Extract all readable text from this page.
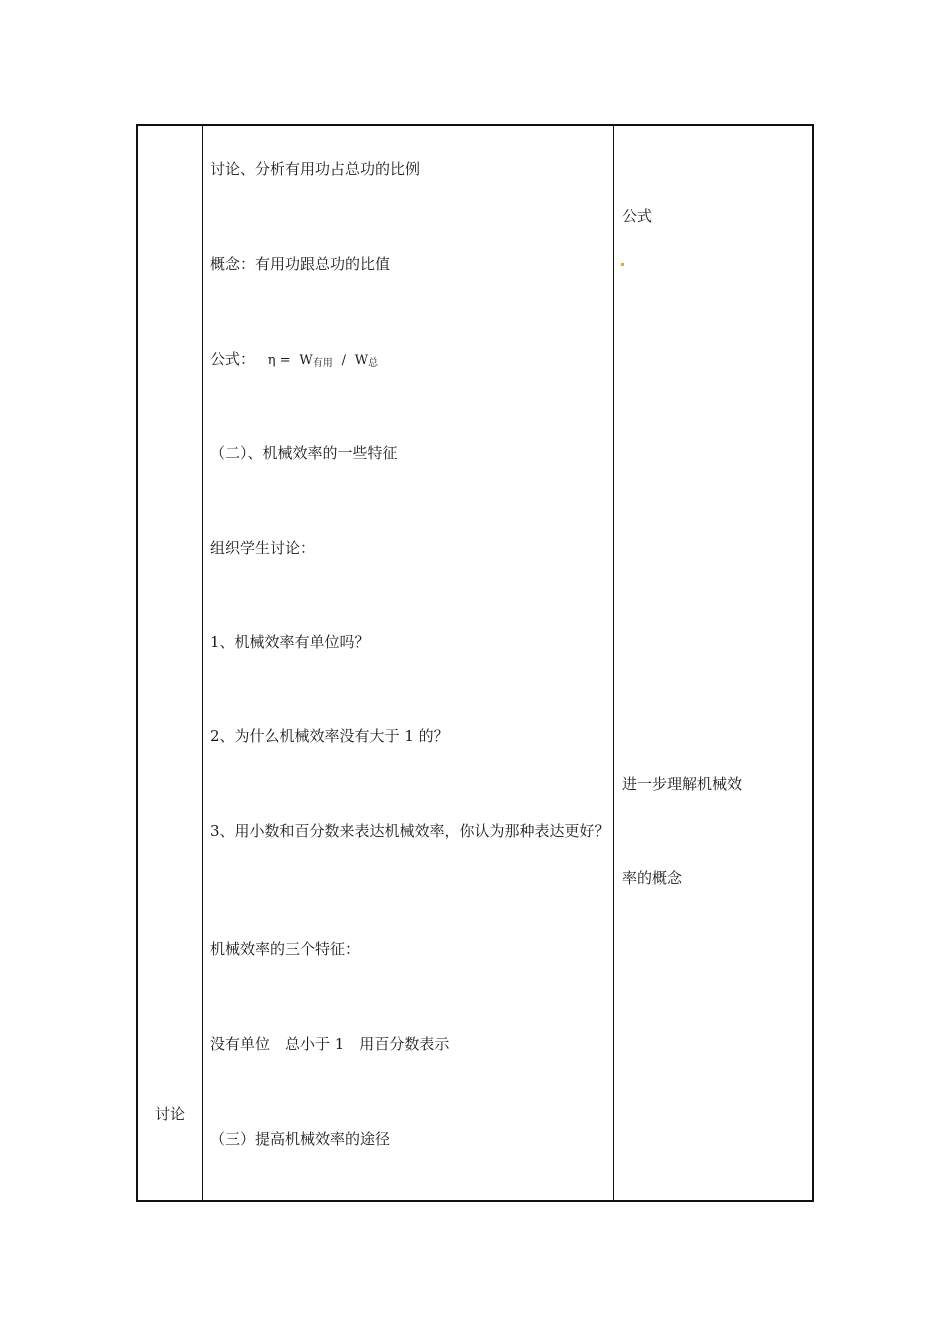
讨论
讨论、分析有用功占总功的比例
概念：有用功跟总功的比值
公式： η = W有用 / W总
（二）、机械效率的一些特征
组织学生讨论：
1、机械效率有单位吗？
2、为什么机械效率没有大于 1 的？
3、用小数和百分数来表达机械效率，你认为那种表达更好？
机械效率的三个特征：
没有单位　总小于 1　用百分数表示
（三）提高机械效率的途径
公式
进一步理解机械效
率的概念
